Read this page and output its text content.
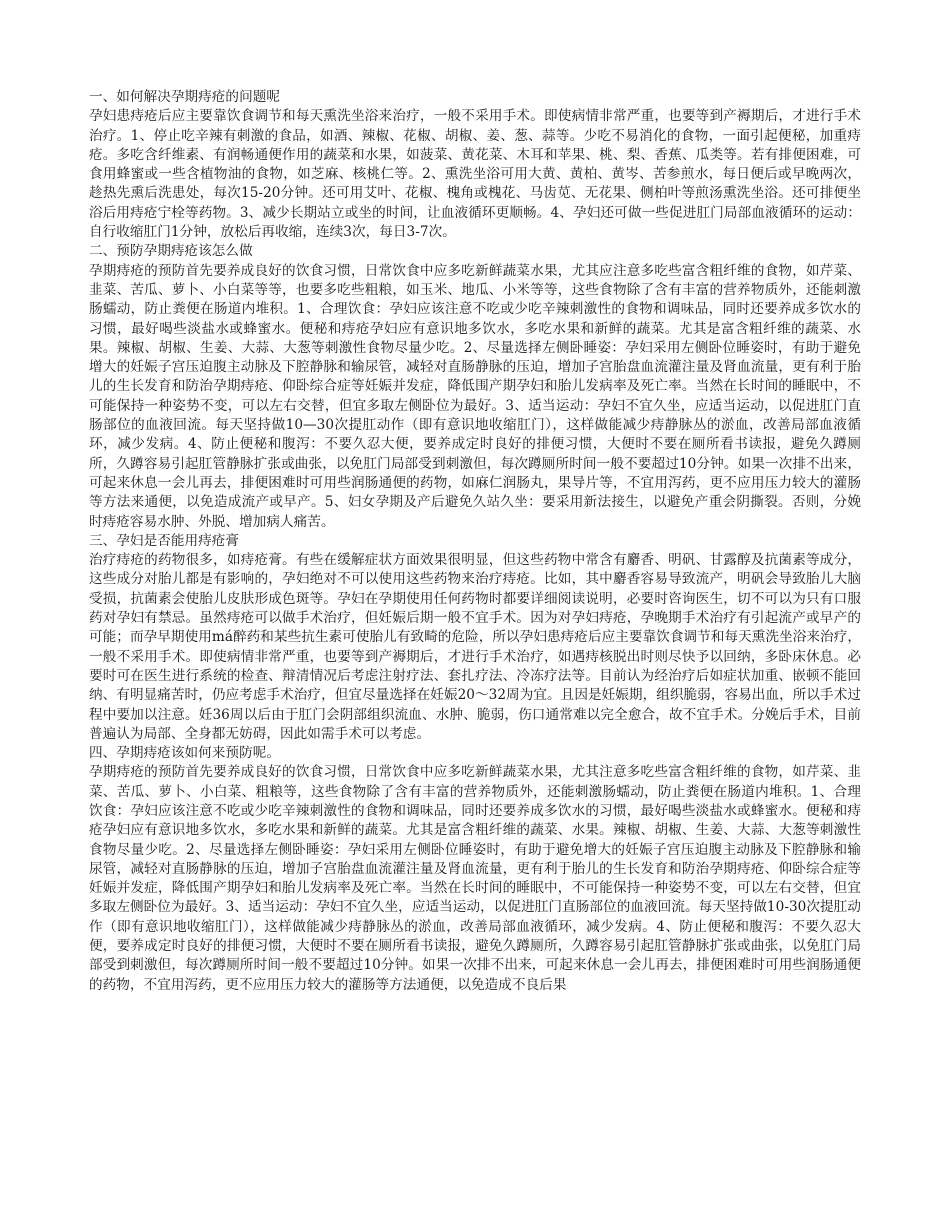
一、如何解决孕期痔疮的问题呢

孕妇患痔疮后应主要靠饮食调节和每天熏洗坐浴来治疗，一般不采用手术。即使病情非常严重，也要等到产褥期后，才进行手术治疗。1、停止吃辛辣有刺激的食品，如酒、辣椒、花椒、胡椒、姜、葱、蒜等。少吃不易消化的食物，一面引起便秘，加重痔疮。多吃含纤维素、有润畅通便作用的蔬菜和水果，如菠菜、黄花菜、木耳和苹果、桃、梨、香蕉、瓜类等。若有排便困难，可食用蜂蜜或一些含植物油的食物，如芝麻、核桃仁等。2、熏洗坐浴可用大黄、黄柏、黄岑、苦参煎水，每日便后或早晚两次，趁热先熏后洗患处，每次15-20分钟。还可用艾叶、花椒、槐角或槐花、马齿苋、无花果、侧柏叶等煎汤熏洗坐浴。还可排便坐浴后用痔疮宁栓等药物。3、减少长期站立或坐的时间，让血液循环更顺畅。4、孕妇还可做一些促进肛门局部血液循环的运动：自行收缩肛门1分钟，放松后再收缩，连续3次，每日3-7次。

二、预防孕期痔疮该怎么做

孕期痔疮的预防首先要养成良好的饮食习惯，日常饮食中应多吃新鲜蔬菜水果，尤其应注意多吃些富含粗纤维的食物，如芹菜、韭菜、苦瓜、萝卜、小白菜等等，也要多吃些粗粮，如玉米、地瓜、小米等等，这些食物除了含有丰富的营养物质外，还能刺激肠蠕动，防止粪便在肠道内堆积。1、合理饮食：孕妇应该注意不吃或少吃辛辣刺激性的食物和调味品，同时还要养成多饮水的习惯，最好喝些淡盐水或蜂蜜水。便秘和痔疮孕妇应有意识地多饮水，多吃水果和新鲜的蔬菜。尤其是富含粗纤维的蔬菜、水果。辣椒、胡椒、生姜、大蒜、大葱等刺激性食物尽量少吃。2、尽量选择左侧卧睡姿：孕妇采用左侧卧位睡姿时，有助于避免增大的妊娠子宫压迫腹主动脉及下腔静脉和输尿管，减轻对直肠静脉的压迫，增加子宫胎盘血流灌注量及肾血流量，更有利于胎儿的生长发育和防治孕期痔疮、仰卧综合症等妊娠并发症，降低围产期孕妇和胎儿发病率及死亡率。当然在长时间的睡眠中，不可能保持一种姿势不变，可以左右交替，但宜多取左侧卧位为最好。3、适当运动：孕妇不宜久坐，应适当运动，以促进肛门直肠部位的血液回流。每天坚持做10—30次提肛动作（即有意识地收缩肛门），这样做能减少痔静脉丛的淤血，改善局部血液循环，减少发病。4、防止便秘和腹泻：不要久忍大便，要养成定时良好的排便习惯，大便时不要在厕所看书读报，避免久蹲厕所，久蹲容易引起肛管静脉扩张或曲张，以免肛门局部受到刺激但，每次蹲厕所时间一般不要超过10分钟。如果一次排不出来，可起来休息一会儿再去，排便困难时可用些润肠通便的药物，如麻仁润肠丸，果导片等，不宜用泻药，更不应用压力较大的灌肠等方法来通便，以免造成流产或早产。5、妇女孕期及产后避免久站久坐：要采用新法接生，以避免产重会阴撕裂。否则，分娩时痔疮容易水肿、外脱、增加病人痛苦。

三、孕妇是否能用痔疮膏

治疗痔疮的药物很多，如痔疮膏。有些在缓解症状方面效果很明显，但这些药物中常含有麝香、明矾、甘露醇及抗菌素等成分，这些成分对胎儿都是有影响的，孕妇绝对不可以使用这些药物来治疗痔疮。比如，其中麝香容易导致流产，明矾会导致胎儿大脑受损，抗菌素会使胎儿皮肤形成色斑等。孕妇在孕期使用任何药物时都要详细阅读说明，必要时咨询医生，切不可以为只有口服药对孕妇有禁忌。虽然痔疮可以做手术治疗，但妊娠后期一般不宜手术。因为对孕妇痔疮，孕晚期手术治疗有引起流产或早产的可能；而孕早期使用má醉药和某些抗生素可使胎儿有致畸的危险，所以孕妇患痔疮后应主要靠饮食调节和每天熏洗坐浴来治疗，一般不采用手术。即使病情非常严重，也要等到产褥期后，才进行手术治疗，如遇痔核脱出时则尽快予以回纳，多卧床休息。必要时可在医生进行系统的检查、辩清情况后考虑注射疗法、套扎疗法、冷冻疗法等。目前认为经治疗后如症状加重、嵌顿不能回纳、有明显痛苦时，仍应考虑手术治疗，但宜尽量选择在妊娠20～32周为宜。且因是妊娠期，组织脆弱，容易出血，所以手术过程中要加以注意。妊36周以后由于肛门会阴部组织流血、水肿、脆弱，伤口通常难以完全愈合，故不宜手术。分娩后手术，目前普遍认为局部、全身都无妨碍，因此如需手术可以考虑。

四、孕期痔疮该如何来预防呢。

孕期痔疮的预防首先要养成良好的饮食习惯，日常饮食中应多吃新鲜蔬菜水果，尤其注意多吃些富含粗纤维的食物，如芹菜、韭菜、苦瓜、萝卜、小白菜、粗粮等，这些食物除了含有丰富的营养物质外，还能刺激肠蠕动，防止粪便在肠道内堆积。1、合理饮食：孕妇应该注意不吃或少吃辛辣刺激性的食物和调味品，同时还要养成多饮水的习惯，最好喝些淡盐水或蜂蜜水。便秘和痔疮孕妇应有意识地多饮水，多吃水果和新鲜的蔬菜。尤其是富含粗纤维的蔬菜、水果。辣椒、胡椒、生姜、大蒜、大葱等刺激性食物尽量少吃。2、尽量选择左侧卧睡姿：孕妇采用左侧卧位睡姿时，有助于避免增大的妊娠子宫压迫腹主动脉及下腔静脉和输尿管，减轻对直肠静脉的压迫，增加子宫胎盘血流灌注量及肾血流量，更有利于胎儿的生长发育和防治孕期痔疮、仰卧综合症等妊娠并发症，降低围产期孕妇和胎儿发病率及死亡率。当然在长时间的睡眠中，不可能保持一种姿势不变，可以左右交替，但宜多取左侧卧位为最好。3、适当运动：孕妇不宜久坐，应适当运动，以促进肛门直肠部位的血液回流。每天坚持做10-30次提肛动作（即有意识地收缩肛门），这样做能减少痔静脉丛的淤血，改善局部血液循环，减少发病。4、防止便秘和腹泻：不要久忍大便，要养成定时良好的排便习惯，大便时不要在厕所看书读报，避免久蹲厕所，久蹲容易引起肛管静脉扩张或曲张，以免肛门局部受到刺激但，每次蹲厕所时间一般不要超过10分钟。如果一次排不出来，可起来休息一会儿再去，排便困难时可用些润肠通便的药物，不宜用泻药，更不应用压力较大的灌肠等方法通便，以免造成不良后果
